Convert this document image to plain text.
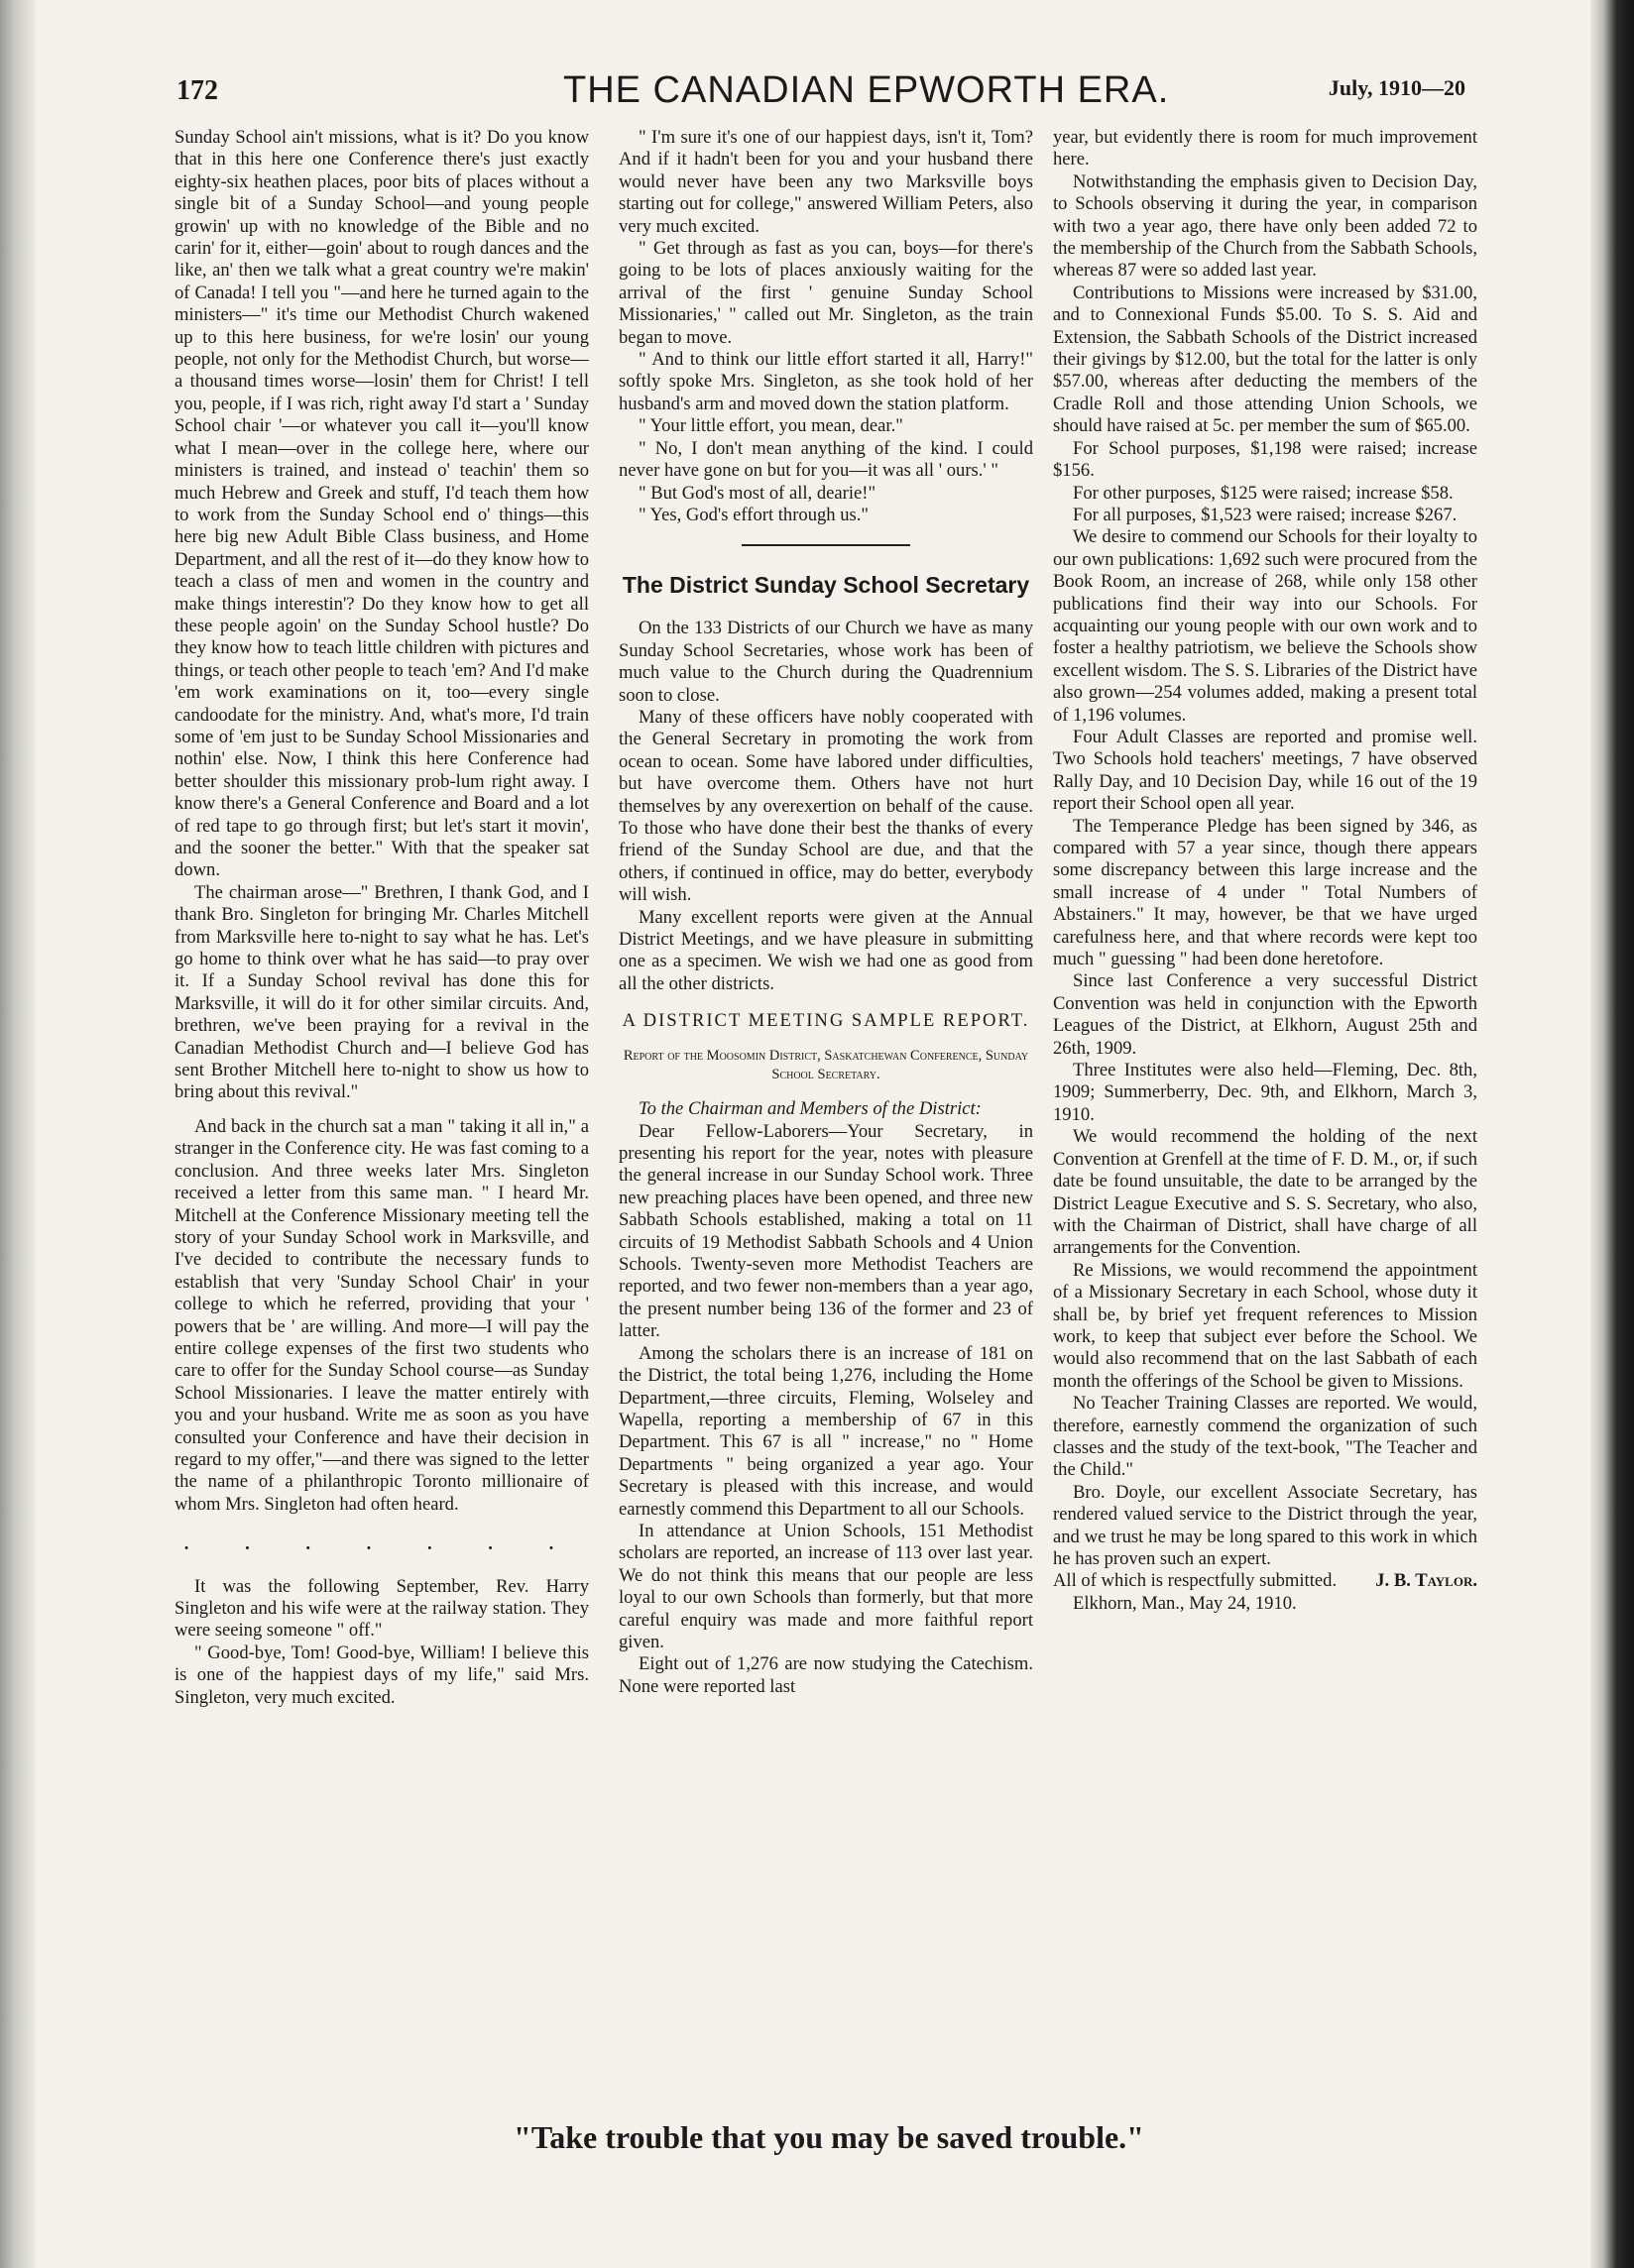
172	THE CANADIAN EPWORTH ERA.	July, 1910—20

Sunday School ain't missions, what is it? Do you know that in this here one Conference there's just exactly eighty-six heathen places, poor bits of places without a single bit of a Sunday School—and young people growin' up with no knowledge of the Bible and no carin' for it, either—goin' about to rough dances and the like, an' then we talk what a great country we're makin' of Canada! I tell you "—and here he turned again to the ministers—" it's time our Methodist Church wakened up to this here business, for we're losin' our young people, not only for the Methodist Church, but worse—a thousand times worse—losin' them for Christ! I tell you, people, if I was rich, right away I'd start a ' Sunday School chair '—or whatever you call it—you'll know what I mean—over in the college here, where our ministers is trained, and instead o' teachin' them so much Hebrew and Greek and stuff, I'd teach them how to work from the Sunday School end o' things—this here big new Adult Bible Class business, and Home Department, and all the rest of it—do they know how to teach a class of men and women in the country and make things interestin'? Do they know how to get all these people agoin' on the Sunday School hustle? Do they know how to teach little children with pictures and things, or teach other people to teach 'em? And I'd make 'em work examinations on it, too—every single candoodate for the ministry. And, what's more, I'd train some of 'em just to be Sunday School Missionaries and nothin' else. Now, I think this here Conference had better shoulder this missionary prob-lum right away. I know there's a General Conference and Board and a lot of red tape to go through first; but let's start it movin', and the sooner the better." With that the speaker sat down.

The chairman arose—" Brethren, I thank God, and I thank Bro. Singleton for bringing Mr. Charles Mitchell from Marksville here to-night to say what he has. Let's go home to think over what he has said—to pray over it. If a Sunday School revival has done this for Marksville, it will do it for other similar circuits. And, brethren, we've been praying for a revival in the Canadian Methodist Church and—I believe God has sent Brother Mitchell here to-night to show us how to bring about this revival."

And back in the church sat a man " taking it all in," a stranger in the Conference city. He was fast coming to a conclusion. And three weeks later Mrs. Singleton received a letter from this same man. " I heard Mr. Mitchell at the Conference Missionary meeting tell the story of your Sunday School work in Marksville, and I've decided to contribute the necessary funds to establish that very 'Sunday School Chair' in your college to which he referred, providing that your ' powers that be ' are willing. And more—I will pay the entire college expenses of the first two students who care to offer for the Sunday School course—as Sunday School Missionaries. I leave the matter entirely with you and your husband. Write me as soon as you have consulted your Conference and have their decision in regard to my offer,"—and there was signed to the letter the name of a philanthropic Toronto millionaire of whom Mrs. Singleton had often heard.

. . . . . . .

It was the following September, Rev. Harry Singleton and his wife were at the railway station. They were seeing someone " off."

" Good-bye, Tom! Good-bye, William! I believe this is one of the happiest days of my life," said Mrs. Singleton, very much excited.

" I'm sure it's one of our happiest days, isn't it, Tom? And if it hadn't been for you and your husband there would never have been any two Marksville boys starting out for college," answered William Peters, also very much excited.

" Get through as fast as you can, boys—for there's going to be lots of places anxiously waiting for the arrival of the first ' genuine Sunday School Missionaries,' " called out Mr. Singleton, as the train began to move.

" And to think our little effort started it all, Harry!" softly spoke Mrs. Singleton, as she took hold of her husband's arm and moved down the station platform.

" Your little effort, you mean, dear."

" No, I don't mean anything of the kind. I could never have gone on but for you—it was all ' ours.' "

" But God's most of all, dearie!"

" Yes, God's effort through us."

The District Sunday School Secretary

On the 133 Districts of our Church we have as many Sunday School Secretaries, whose work has been of much value to the Church during the Quadrennium soon to close.

Many of these officers have nobly cooperated with the General Secretary in promoting the work from ocean to ocean. Some have labored under difficulties, but have overcome them. Others have not hurt themselves by any overexertion on behalf of the cause. To those who have done their best the thanks of every friend of the Sunday School are due, and that the others, if continued in office, may do better, everybody will wish.

Many excellent reports were given at the Annual District Meetings, and we have pleasure in submitting one as a specimen. We wish we had one as good from all the other districts.

A DISTRICT MEETING SAMPLE REPORT.
Report of the Moosomin District, Saskatchewan Conference, Sunday School Secretary.

To the Chairman and Members of the District:

Dear Fellow-Laborers—Your Secretary, in presenting his report for the year, notes with pleasure the general increase in our Sunday School work. Three new preaching places have been opened, and three new Sabbath Schools established, making a total on 11 circuits of 19 Methodist Sabbath Schools and 4 Union Schools. Twenty-seven more Methodist Teachers are reported, and two fewer non-members than a year ago, the present number being 136 of the former and 23 of latter.

Among the scholars there is an increase of 181 on the District, the total being 1,276, including the Home Department,—three circuits, Fleming, Wolseley and Wapella, reporting a membership of 67 in this Department. This 67 is all " increase," no " Home Departments " being organized a year ago. Your Secretary is pleased with this increase, and would earnestly commend this Department to all our Schools.

In attendance at Union Schools, 151 Methodist scholars are reported, an increase of 113 over last year. We do not think this means that our people are less loyal to our own Schools than formerly, but that more careful enquiry was made and more faithful report given.

Eight out of 1,276 are now studying the Catechism. None were reported last

year, but evidently there is room for much improvement here.

Notwithstanding the emphasis given to Decision Day, to Schools observing it during the year, in comparison with two a year ago, there have only been added 72 to the membership of the Church from the Sabbath Schools, whereas 87 were so added last year.

Contributions to Missions were increased by $31.00, and to Connexional Funds $5.00. To S. S. Aid and Extension, the Sabbath Schools of the District increased their givings by $12.00, but the total for the latter is only $57.00, whereas after deducting the members of the Cradle Roll and those attending Union Schools, we should have raised at 5c. per member the sum of $65.00.

For School purposes, $1,198 were raised; increase $156.

For other purposes, $125 were raised; increase $58.

For all purposes, $1,523 were raised; increase $267.

We desire to commend our Schools for their loyalty to our own publications: 1,692 such were procured from the Book Room, an increase of 268, while only 158 other publications find their way into our Schools. For acquainting our young people with our own work and to foster a healthy patriotism, we believe the Schools show excellent wisdom. The S. S. Libraries of the District have also grown—254 volumes added, making a present total of 1,196 volumes.

Four Adult Classes are reported and promise well. Two Schools hold teachers' meetings, 7 have observed Rally Day, and 10 Decision Day, while 16 out of the 19 report their School open all year.

The Temperance Pledge has been signed by 346, as compared with 57 a year since, though there appears some discrepancy between this large increase and the small increase of 4 under " Total Numbers of Abstainers." It may, however, be that we have urged carefulness here, and that where records were kept too much " guessing " had been done heretofore.

Since last Conference a very successful District Convention was held in conjunction with the Epworth Leagues of the District, at Elkhorn, August 25th and 26th, 1909.

Three Institutes were also held—Fleming, Dec. 8th, 1909; Summerberry, Dec. 9th, and Elkhorn, March 3, 1910.

We would recommend the holding of the next Convention at Grenfell at the time of F. D. M., or, if such date be found unsuitable, the date to be arranged by the District League Executive and S. S. Secretary, who also, with the Chairman of District, shall have charge of all arrangements for the Convention.

Re Missions, we would recommend the appointment of a Missionary Secretary in each School, whose duty it shall be, by brief yet frequent references to Mission work, to keep that subject ever before the School. We would also recommend that on the last Sabbath of each month the offerings of the School be given to Missions.

No Teacher Training Classes are reported. We would, therefore, earnestly commend the organization of such classes and the study of the text-book, "The Teacher and the Child."

Bro. Doyle, our excellent Associate Secretary, has rendered valued service to the District through the year, and we trust he may be long spared to this work in which he has proven such an expert.

All of which is respectfully submitted. J. B. Taylor.

Elkhorn, Man., May 24, 1910.

"Take trouble that you may be saved trouble."
